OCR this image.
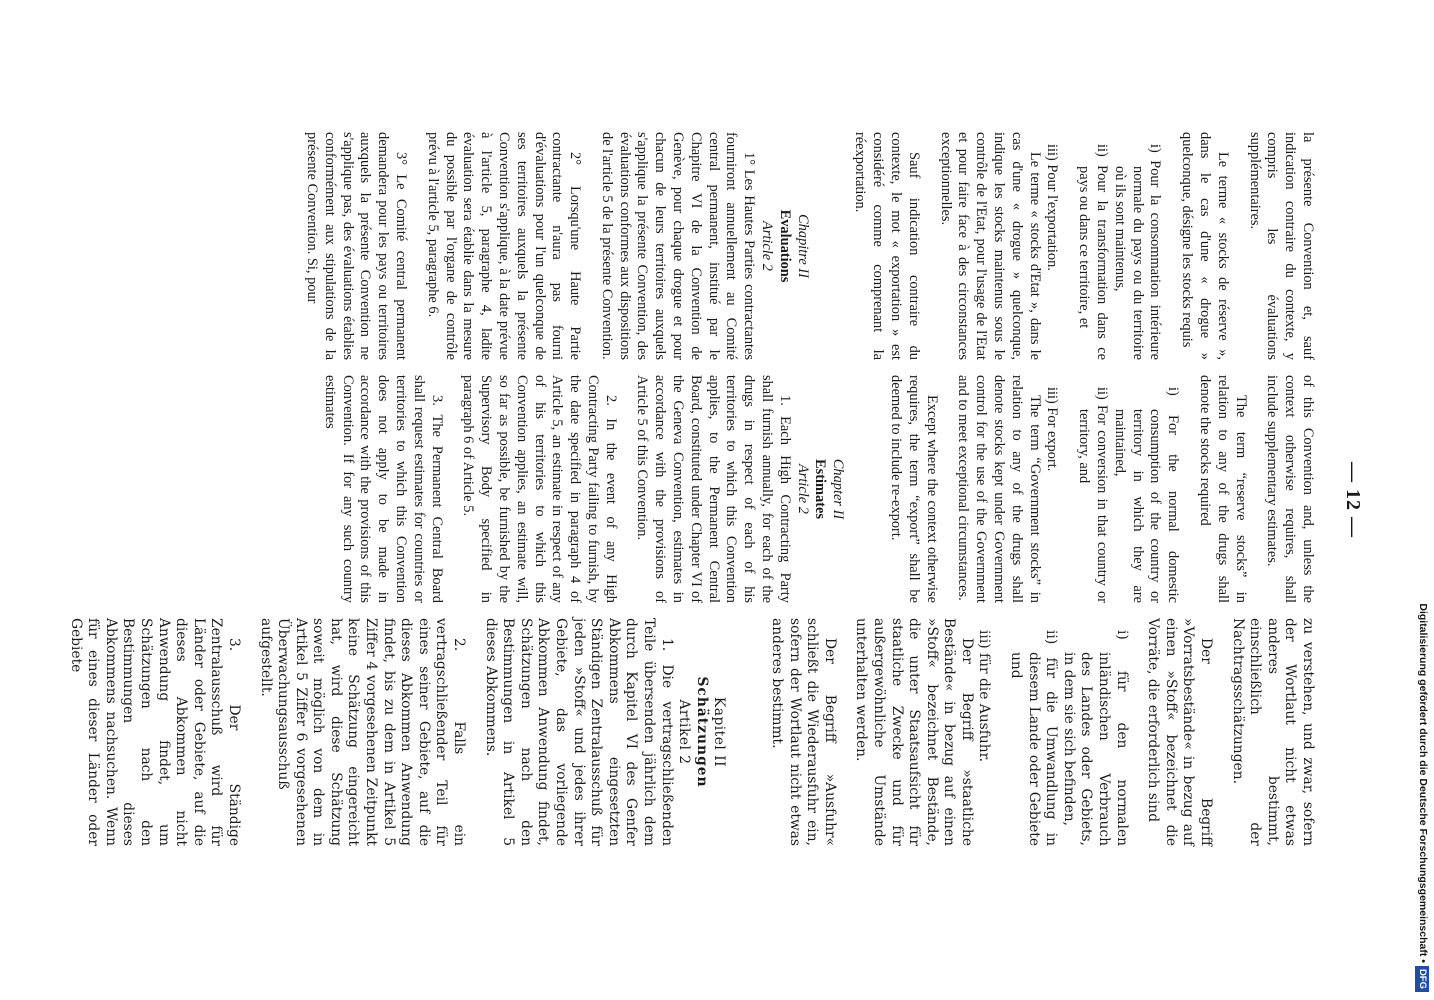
— 12 —

la présente Convention et, sauf indication contraire du contexte, y compris les évaluations supplémentaires.

Le terme « stocks de réserve », dans le cas d'une « drogue » quelconque, désigne les stocks requis

i) Pour la consommation intérieure normale du pays ou du territoire où ils sont maintenus,

ii) Pour la transformation dans ce pays ou dans ce territoire, et

iii) Pour l'exportation.

Le terme « stocks d'Etat », dans le cas d'une « drogue » quelconque, indique les stocks maintenus sous le contrôle de l'Etat, pour l'usage de l'Etat et pour faire face à des circonstances exceptionnelles.

Sauf indication contraire du contexte, le mot « exportation » est considéré comme comprenant la réexportation.

Chapitre II

Evaluations

Article 2

1° Les Hautes Parties contractantes fourniront annuellement au Comité central permanent, institué par le Chapitre VI de la Convention de Genève, pour chaque drogue et pour chacun de leurs territoires auxquels s'applique la présente Convention, des évaluations conformes aux dispositions de l'article 5 de la présente Convention.

2° Lorsqu'une Haute Partie contractante n'aura pas fourni d'évaluations pour l'un quelconque de ses territoires auxquels la présente Convention s'applique, à la date prévue à l'article 5, paragraphe 4, ladite évaluation sera établie dans la mesure du possible par l'organe de contrôle prévu à l'article 5, paragraphe 6.

3° Le Comité central permanent demandera pour les pays ou territoires auxquels la présente Convention ne s'applique pas, des évaluations établies conformément aux stipulations de la présente Convention. Si, pour

of this Convention and, unless the context otherwise requires, shall include supplementary estimates.

The term “reserve stocks” in relation to any of the drugs shall denote the stocks required

i) For the normal domestic consumption of the country or territory in which they are maintained,

ii) For conversion in that country or territory, and

iii) For export.

The term “Government stocks” in relation to any of the drugs shall denote stocks kept under Government control for the use of the Government and to meet exceptional circumstances.

Except where the context otherwise requires, the term “export” shall be deemed to include re-export.

Chapter II

Estimates

Article 2

1. Each High Contracting Party shall furnish annually, for each of the drugs in respect of each of his territories to which this Convention applies, to the Permanent Central Board, constituted under Chapter VI of the Geneva Convention, estimates in accordance with the provisions of Article 5 of this Convention.

2. In the event of any High Contracting Party failing to furnish, by the date specified in paragraph 4 of Article 5, an estimate in respect of any of his territories to which this Convention applies, an estimate will, so far as possible, be furnished by the Supervisory Body specified in paragraph 6 of Article 5.

3. The Permanent Central Board shall request estimates for countries or territories to which this Convention does not apply to be made in accordance with the provisions of this Convention. If for any such country estimates

zu verstehen, und zwar, sofern der Wortlaut nicht etwas anderes bestimmt, einschließlich der Nachtragsschätzungen.

Der Begriff »Vorratsbestände« in bezug auf einen »Stoff« bezeichnet die Vorräte, die erforderlich sind

i) für den normalen inländischen Verbrauch des Landes oder Gebiets, in dem sie sich befinden,

ii) für die Umwandlung in diesem Lande oder Gebiete und

iii) für die Ausfuhr.

Der Begriff »staatliche Bestände« in bezug auf einen »Stoff« bezeichnet Bestände, die unter Staatsaufsicht für staatliche Zwecke und für außergewöhnliche Umstände unterhalten werden.

Der Begriff »Ausfuhr« schließt die Wiederausfuhr ein, sofern der Wortlaut nicht etwas anderes bestimmt.

Kapitel II

Schätzungen

Artikel 2

1. Die vertragschließenden Teile übersenden jährlich dem durch Kapitel VI des Genfer Abkommens eingesetzten Ständigen Zentralausschuß für jeden »Stoff« und jedes ihrer Gebiete, das vorliegende Abkommen Anwendung findet, Schätzungen nach den Bestimmungen in Artikel 5 dieses Abkommens.

2. Falls ein vertragschließender Teil für eines seiner Gebiete, auf die dieses Abkommen Anwendung findet, bis zu dem in Artikel 5 Ziffer 4 vorgesehenen Zeitpunkt keine Schätzung eingereicht hat, wird diese Schätzung soweit möglich von dem in Artikel 5 Ziffer 6 vorgesehenen Überwachungsausschuß aufgestellt.

3. Der Ständige Zentralausschuß wird für Länder oder Gebiete, auf die dieses Abkommen nicht Anwendung findet, um Schätzungen nach den Bestimmungen dieses Abkommens nachsuchen. Wenn für eines dieser Länder oder Gebiete	Digitalisierung gefördert durch die Deutsche Forschungsgemeinschaft •DFG
